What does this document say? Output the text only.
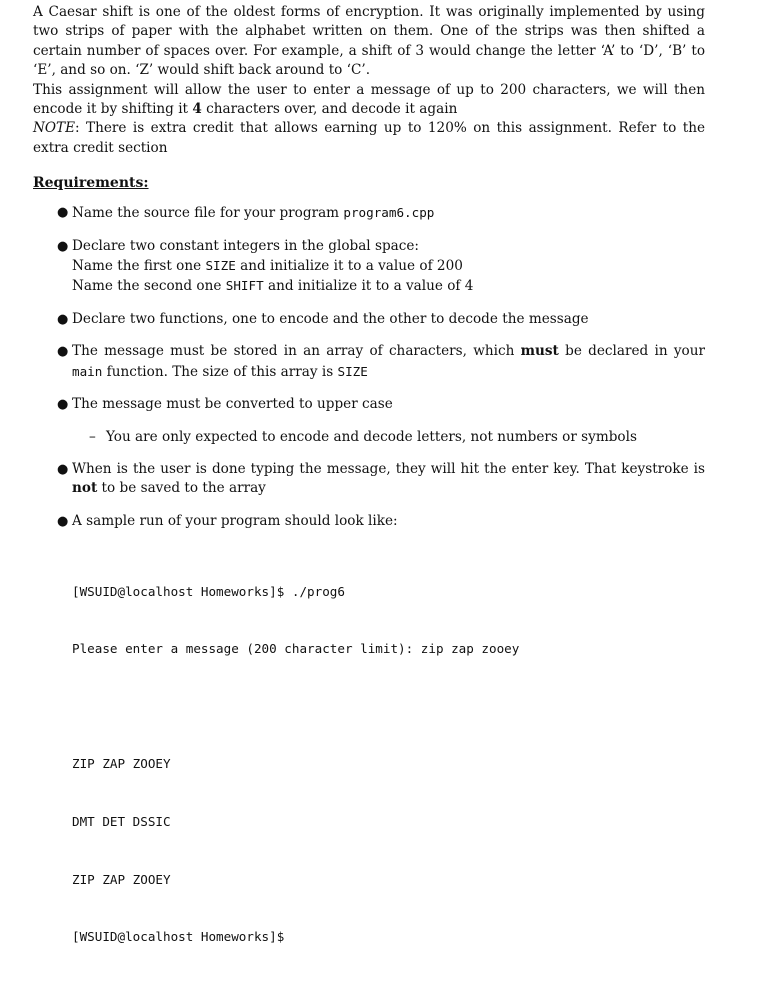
A Caesar shift is one of the oldest forms of encryption. It was originally implemented by using two strips of paper with the alphabet written on them. One of the strips was then shifted a certain number of spaces over. For example, a shift of 3 would change the letter ‘A’ to ‘D’, ‘B’ to ‘E’, and so on. ‘Z’ would shift back around to ‘C’.

This assignment will allow the user to enter a message of up to 200 characters, we will then encode it by shifting it 4 characters over, and decode it again

NOTE: There is extra credit that allows earning up to 120% on this assignment. Refer to the extra credit section

Requirements:
● Name the source file for your program program6.cpp
● Declare two constant integers in the global space:
Name the first one SIZE and initialize it to a value of 200
Name the second one SHIFT and initialize it to a value of 4
● Declare two functions, one to encode and the other to decode the message
● The message must be stored in an array of characters, which must be declared in your main function. The size of this array is SIZE
● The message must be converted to upper case
– You are only expected to encode and decode letters, not numbers or symbols
● When is the user is done typing the message, they will hit the enter key. That keystroke is not to be saved to the array
● A sample run of your program should look like:

[WSUID@localhost Homeworks]$ ./prog6

Please enter a message (200 character limit): zip zap zooey

ZIP ZAP ZOOEY

DMT DET DSSIC

ZIP ZAP ZOOEY

[WSUID@localhost Homeworks]$
